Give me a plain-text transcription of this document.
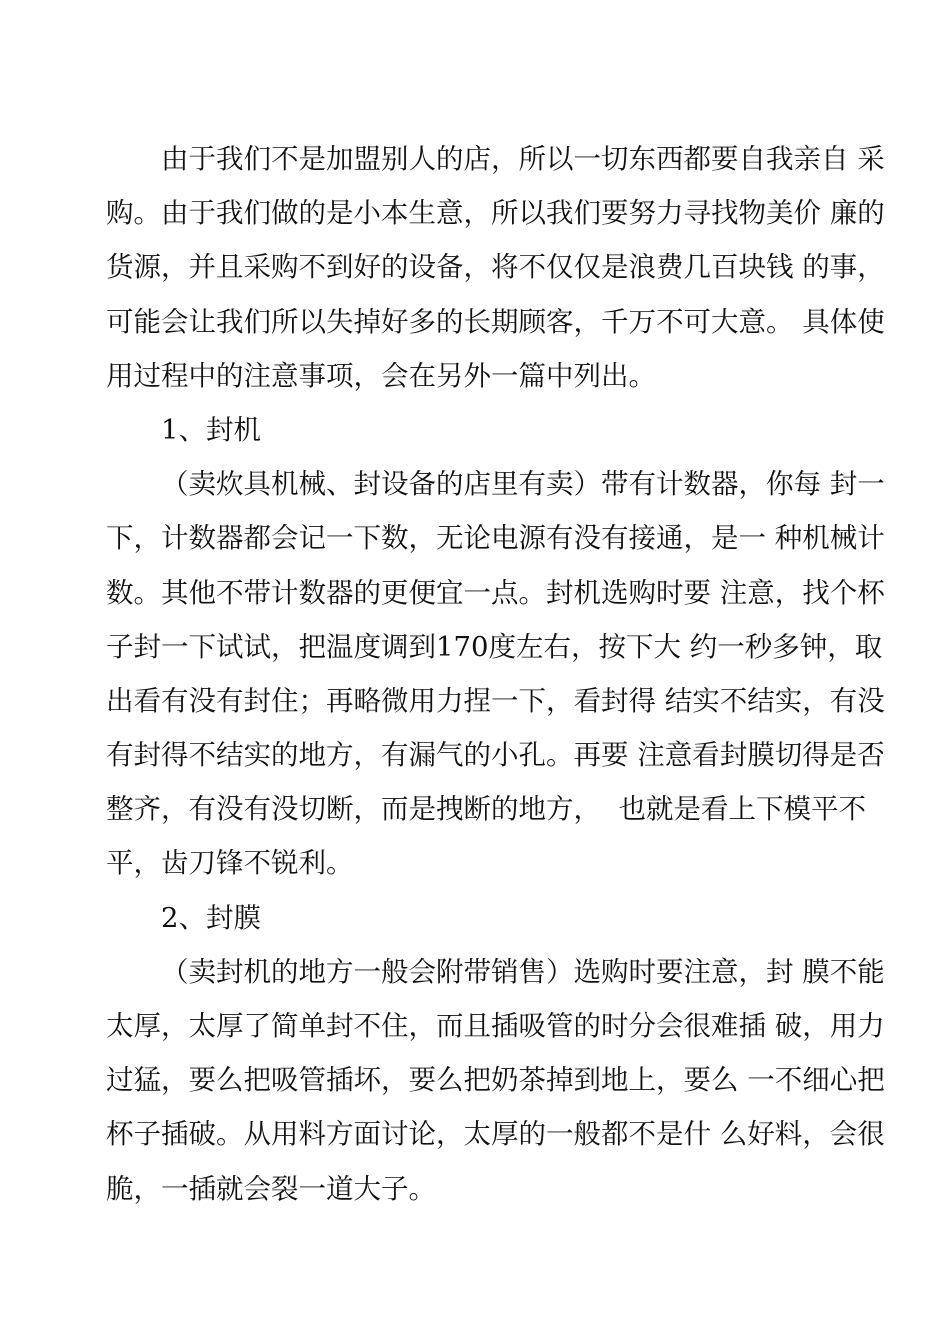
由于我们不是加盟别人的店，所以一切东西都要自我亲自 采
购。由于我们做的是小本生意，所以我们要努力寻找物美价 廉的
货源，并且采购不到好的设备，将不仅仅是浪费几百块钱 的事，
可能会让我们所以失掉好多的长期顾客，千万不可大意。 具体使
用过程中的注意事项，会在另外一篇中列出。
1、封机
（卖炊具机械、封设备的店里有卖）带有计数器，你每 封一
下，计数器都会记一下数，无论电源有没有接通，是一 种机械计
数。其他不带计数器的更便宜一点。封机选购时要 注意，找个杯
子封一下试试，把温度调到170度左右，按下大 约一秒多钟，取
出看有没有封住；再略微用力捏一下，看封得 结实不结实，有没
有封得不结实的地方，有漏气的小孔。再要 注意看封膜切得是否
整齐，有没有没切断，而是拽断的地方，  也就是看上下模平不
平，齿刀锋不锐利。
2、封膜
（卖封机的地方一般会附带销售）选购时要注意，封 膜不能
太厚，太厚了简单封不住，而且插吸管的时分会很难插 破，用力
过猛，要么把吸管插坏，要么把奶茶掉到地上，要么 一不细心把
杯子插破。从用料方面讨论，太厚的一般都不是什 么好料，会很
脆，一插就会裂一道大子。
